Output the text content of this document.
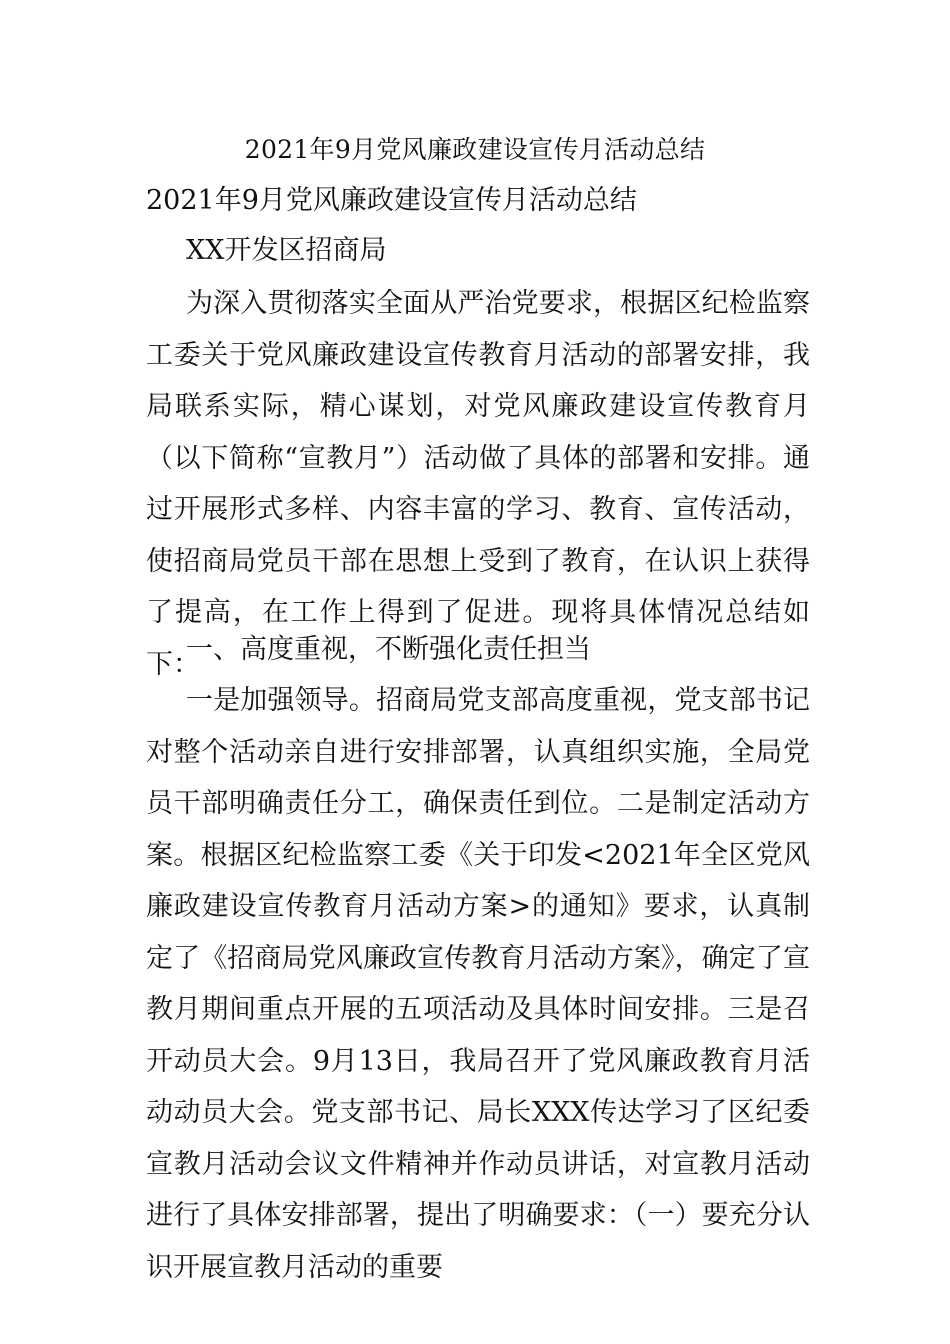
2021年9月党风廉政建设宣传月活动总结
2021年9月党风廉政建设宣传月活动总结
XX开发区招商局
为深入贯彻落实全面从严治党要求，根据区纪检监察工委关于党风廉政建设宣传教育月活动的部署安排，我局联系实际，精心谋划，对党风廉政建设宣传教育月（以下简称“宣教月”）活动做了具体的部署和安排。通过开展形式多样、内容丰富的学习、教育、宣传活动，使招商局党员干部在思想上受到了教育，在认识上获得了提高，在工作上得到了促进。现将具体情况总结如下：
一、高度重视，不断强化责任担当
一是加强领导。招商局党支部高度重视，党支部书记对整个活动亲自进行安排部署，认真组织实施，全局党员干部明确责任分工，确保责任到位。二是制定活动方案。根据区纪检监察工委《关于印发<2021年全区党风廉政建设宣传教育月活动方案>的通知》要求，认真制定了《招商局党风廉政宣传教育月活动方案》，确定了宣教月期间重点开展的五项活动及具体时间安排。三是召开动员大会。9月13日，我局召开了党风廉政教育月活动动员大会。党支部书记、局长XXX传达学习了区纪委宣教月活动会议文件精神并作动员讲话，对宣教月活动进行了具体安排部署，提出了明确要求：（一）要充分认识开展宣教月活动的重要
